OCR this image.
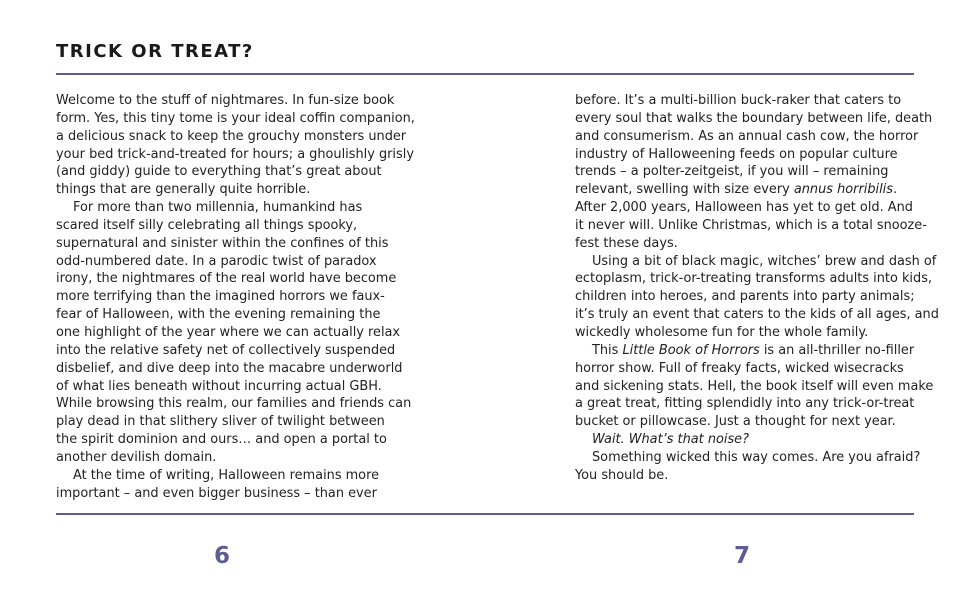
TRICK OR TREAT?
Welcome to the stuff of nightmares. In fun-size book
form. Yes, this tiny tome is your ideal coffin companion,
a delicious snack to keep the grouchy monsters under
your bed trick-and-treated for hours; a ghoulishly grisly
(and giddy) guide to everything that’s great about
things that are generally quite horrible.
For more than two millennia, humankind has
scared itself silly celebrating all things spooky,
supernatural and sinister within the confines of this
odd-numbered date. In a parodic twist of paradox
irony, the nightmares of the real world have become
more terrifying than the imagined horrors we faux-
fear of Halloween, with the evening remaining the
one highlight of the year where we can actually relax
into the relative safety net of collectively suspended
disbelief, and dive deep into the macabre underworld
of what lies beneath without incurring actual GBH.
While browsing this realm, our families and friends can
play dead in that slithery sliver of twilight between
the spirit dominion and ours… and open a portal to
another devilish domain.
At the time of writing, Halloween remains more
important – and even bigger business – than ever
before. It’s a multi-billion buck-raker that caters to
every soul that walks the boundary between life, death
and consumerism. As an annual cash cow, the horror
industry of Halloweening feeds on popular culture
trends – a polter-zeitgeist, if you will – remaining
relevant, swelling with size every annus horribilis.
After 2,000 years, Halloween has yet to get old. And
it never will. Unlike Christmas, which is a total snooze-
fest these days.
Using a bit of black magic, witches’ brew and dash of
ectoplasm, trick-or-treating transforms adults into kids,
children into heroes, and parents into party animals;
it’s truly an event that caters to the kids of all ages, and
wickedly wholesome fun for the whole family.
This Little Book of Horrors is an all-thriller no-filler
horror show. Full of freaky facts, wicked wisecracks
and sickening stats. Hell, the book itself will even make
a great treat, fitting splendidly into any trick-or-treat
bucket or pillowcase. Just a thought for next year.
Wait. What’s that noise?
Something wicked this way comes. Are you afraid?
You should be.
6	7
